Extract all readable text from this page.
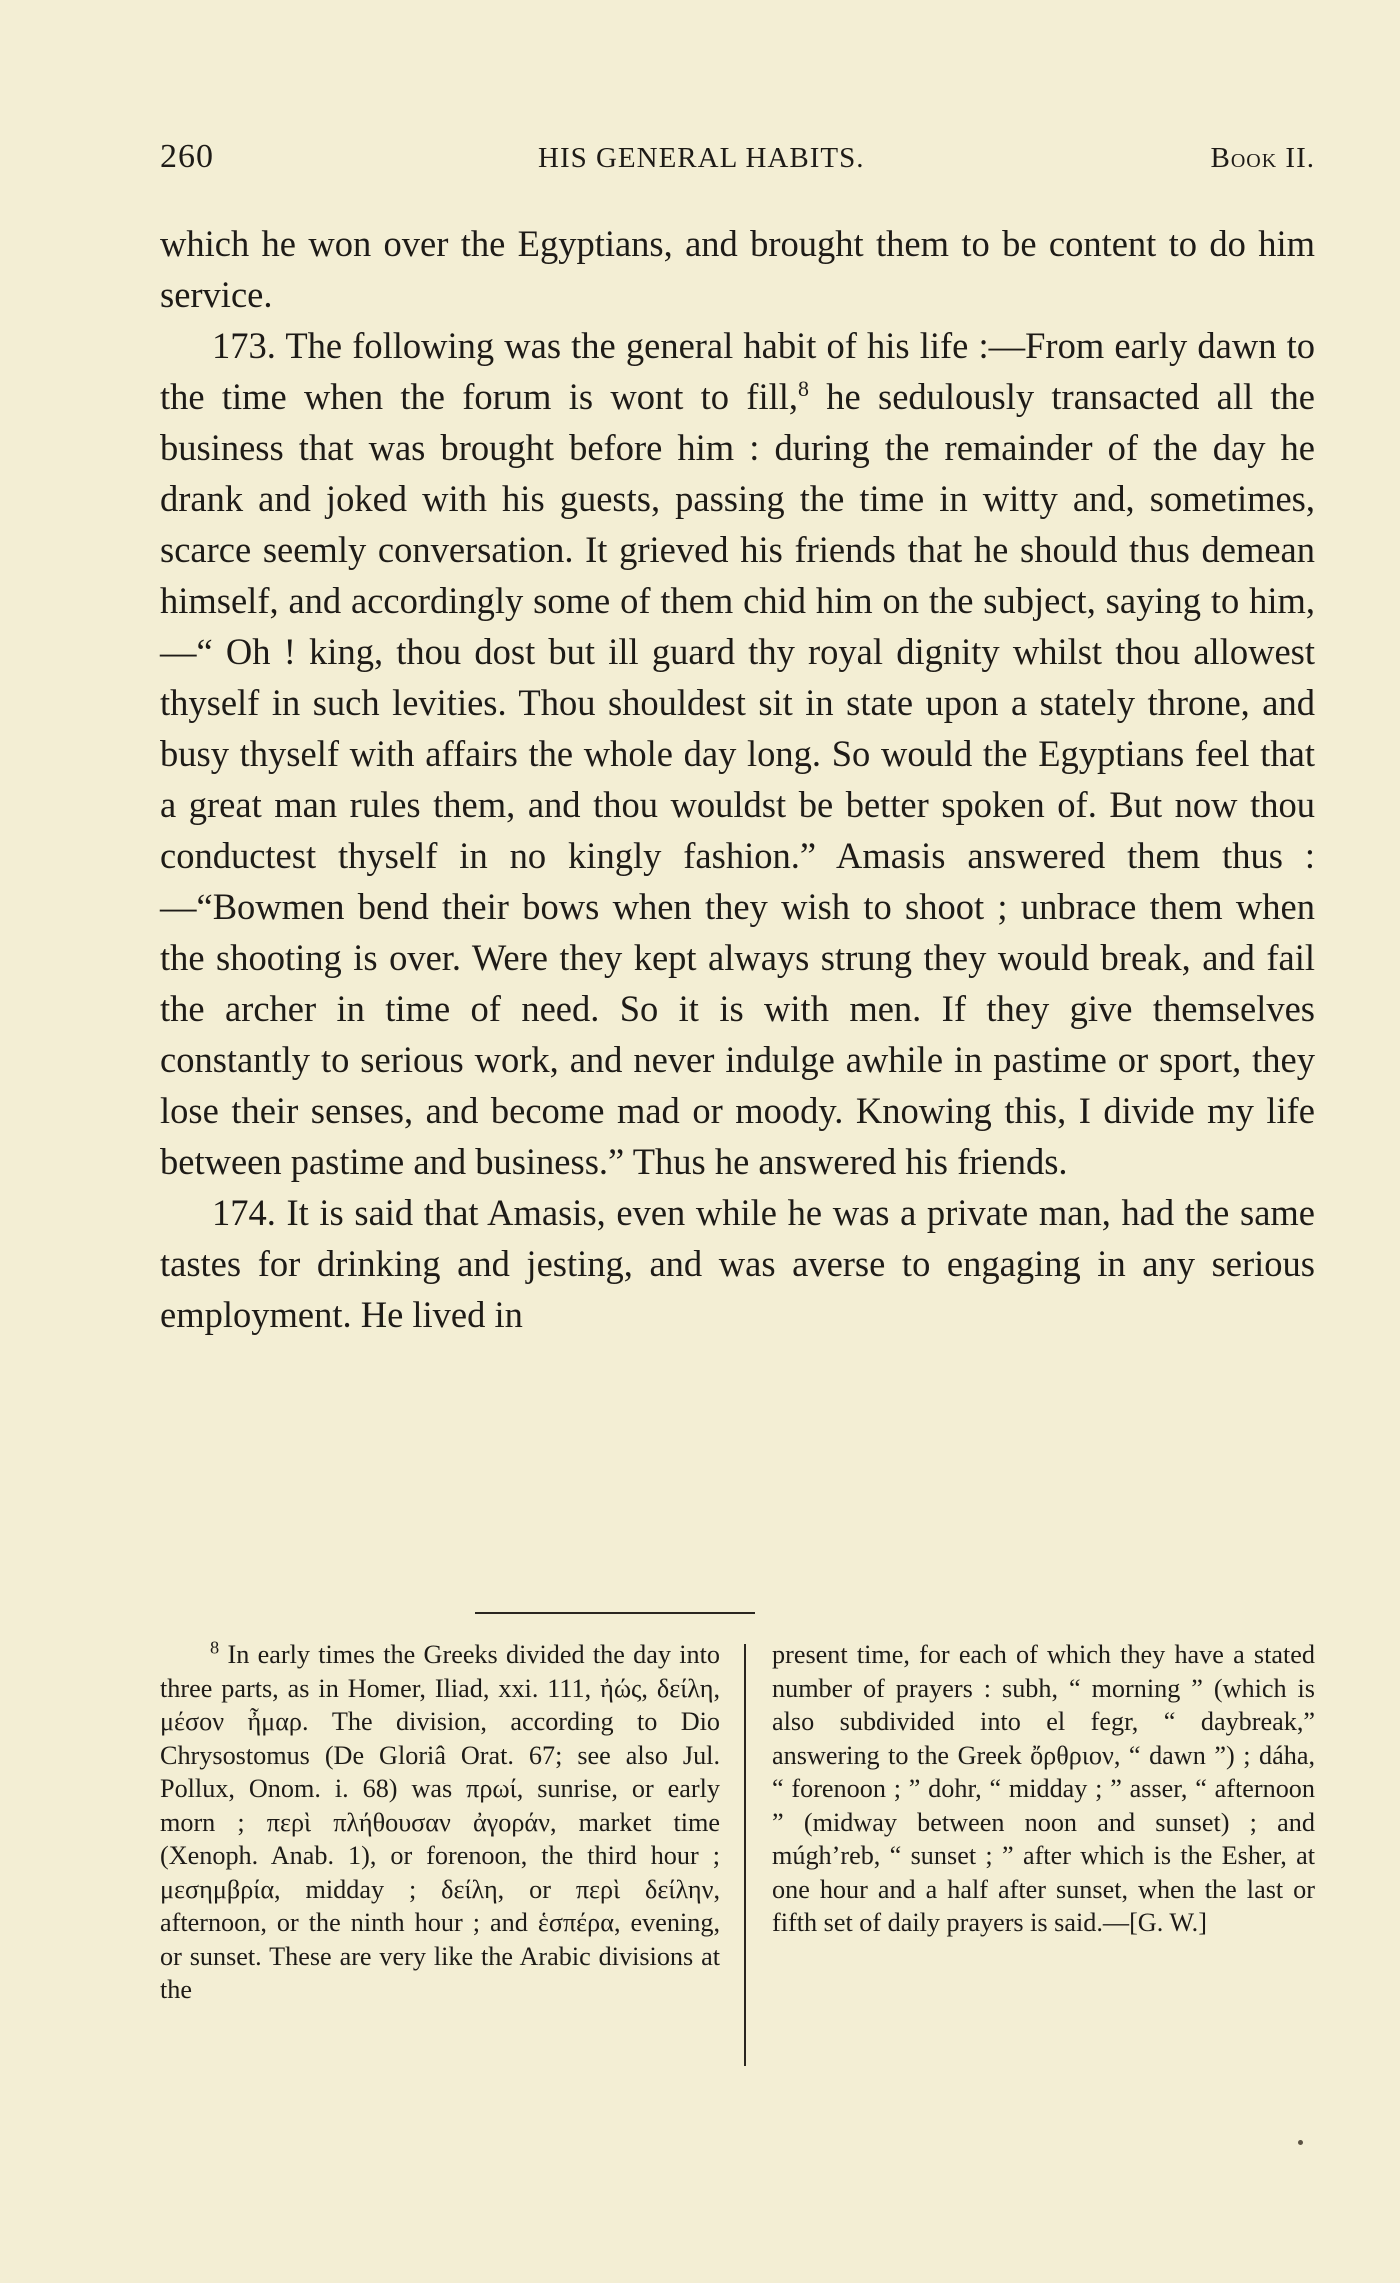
260	HIS GENERAL HABITS.	Book II.

which he won over the Egyptians, and brought them to be content to do him service.

173. The following was the general habit of his life :—From early dawn to the time when the forum is wont to fill,$^8$ he sedulously transacted all the business that was brought before him : during the remainder of the day he drank and joked with his guests, passing the time in witty and, sometimes, scarce seemly conversation. It grieved his friends that he should thus demean himself, and accordingly some of them chid him on the subject, saying to him,—“ Oh ! king, thou dost but ill guard thy royal dignity whilst thou allowest thyself in such levities. Thou shouldest sit in state upon a stately throne, and busy thyself with affairs the whole day long. So would the Egyptians feel that a great man rules them, and thou wouldst be better spoken of. But now thou conductest thyself in no kingly fashion.” Amasis answered them thus :—“Bowmen bend their bows when they wish to shoot ; unbrace them when the shooting is over. Were they kept always strung they would break, and fail the archer in time of need. So it is with men. If they give themselves constantly to serious work, and never indulge awhile in pastime or sport, they lose their senses, and become mad or moody. Knowing this, I divide my life between pastime and business.” Thus he answered his friends.

174. It is said that Amasis, even while he was a private man, had the same tastes for drinking and jesting, and was averse to engaging in any serious employment. He lived in

$^8$ In early times the Greeks divided the day into three parts, as in Homer, Iliad, xxi. 111, ἠώς, δείλη, μέσον ἦμαρ. The division, according to Dio Chrysostomus (De Gloriâ Orat. 67; see also Jul. Pollux, Onom. i. 68) was πρωί, sunrise, or early morn ; περὶ πλήθουσαν ἀγοράν, market time (Xenoph. Anab. 1), or forenoon, the third hour ; μεσημβρία, midday ; δείλη, or περὶ δείλην, afternoon, or the ninth hour ; and ἑσπέρα, evening, or sunset. These are very like the Arabic divisions at the

present time, for each of which they have a stated number of prayers : subh, “ morning ” (which is also subdivided into el fegr, “ daybreak,” answering to the Greek ὄρθριον, “ dawn ”) ; dáha, “ forenoon ; ” dohr, “ midday ; ” asser, “ afternoon ” (midway between noon and sunset) ; and múgh’reb, “ sunset ; ” after which is the Esher, at one hour and a half after sunset, when the last or fifth set of daily prayers is said.—[G. W.]
